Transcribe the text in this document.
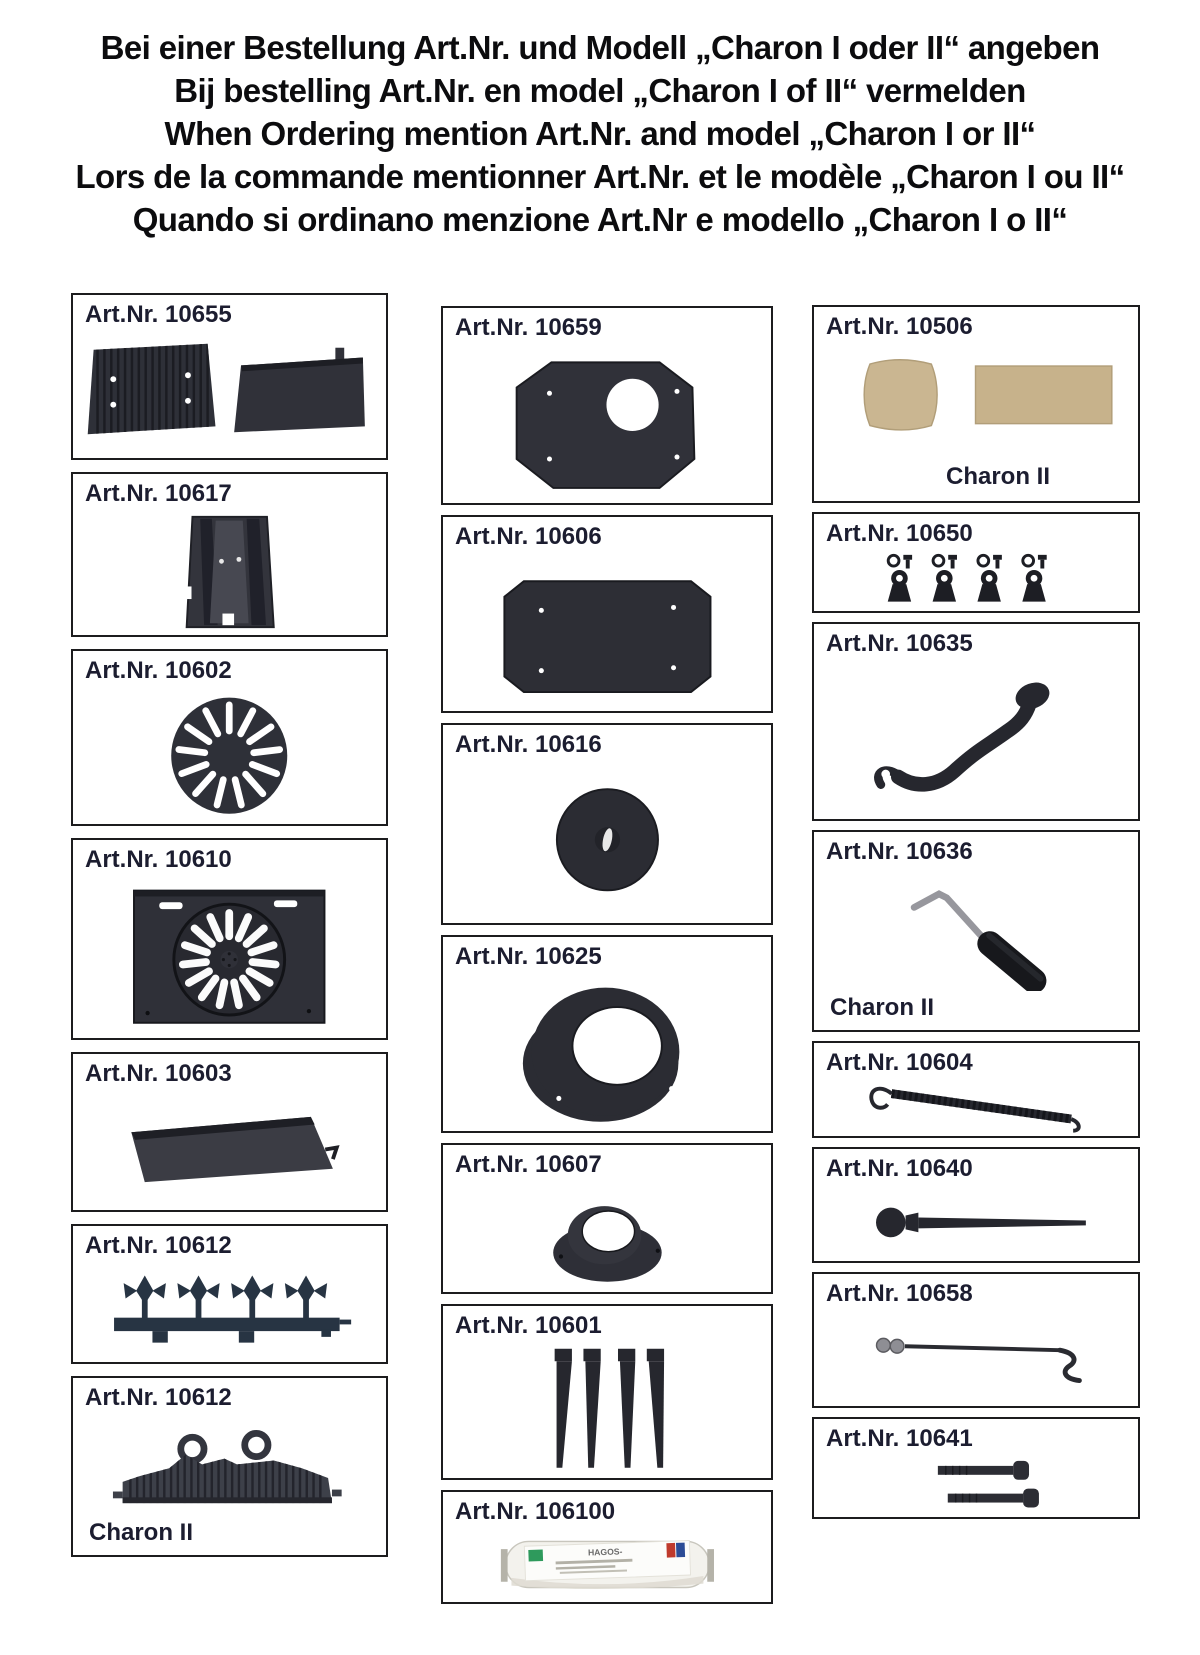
Bei einer Bestellung Art.Nr. und Modell „Charon I oder II“ angeben
Bij bestelling Art.Nr. en model „Charon I of II“ vermelden
When Ordering mention Art.Nr. and model „Charon I or II“
Lors de la commande mentionner Art.Nr. et le modèle „Charon I ou II“
Quando si ordinano menzione Art.Nr e modello „Charon I o II“
Art.Nr. 10655
Art.Nr. 10617
Art.Nr. 10602
Art.Nr. 10610
Art.Nr. 10603
Art.Nr. 10612
Art.Nr. 10612
Charon II
Art.Nr. 10659
Art.Nr. 10606
Art.Nr. 10616
Art.Nr. 10625
Art.Nr. 10607
Art.Nr. 10601
Art.Nr. 106100
HAGOS-
Art.Nr. 10506
Charon II
Art.Nr. 10650
Art.Nr. 10635
Art.Nr. 10636
Charon II
Art.Nr. 10604
Art.Nr. 10640
Art.Nr. 10658
Art.Nr. 10641
